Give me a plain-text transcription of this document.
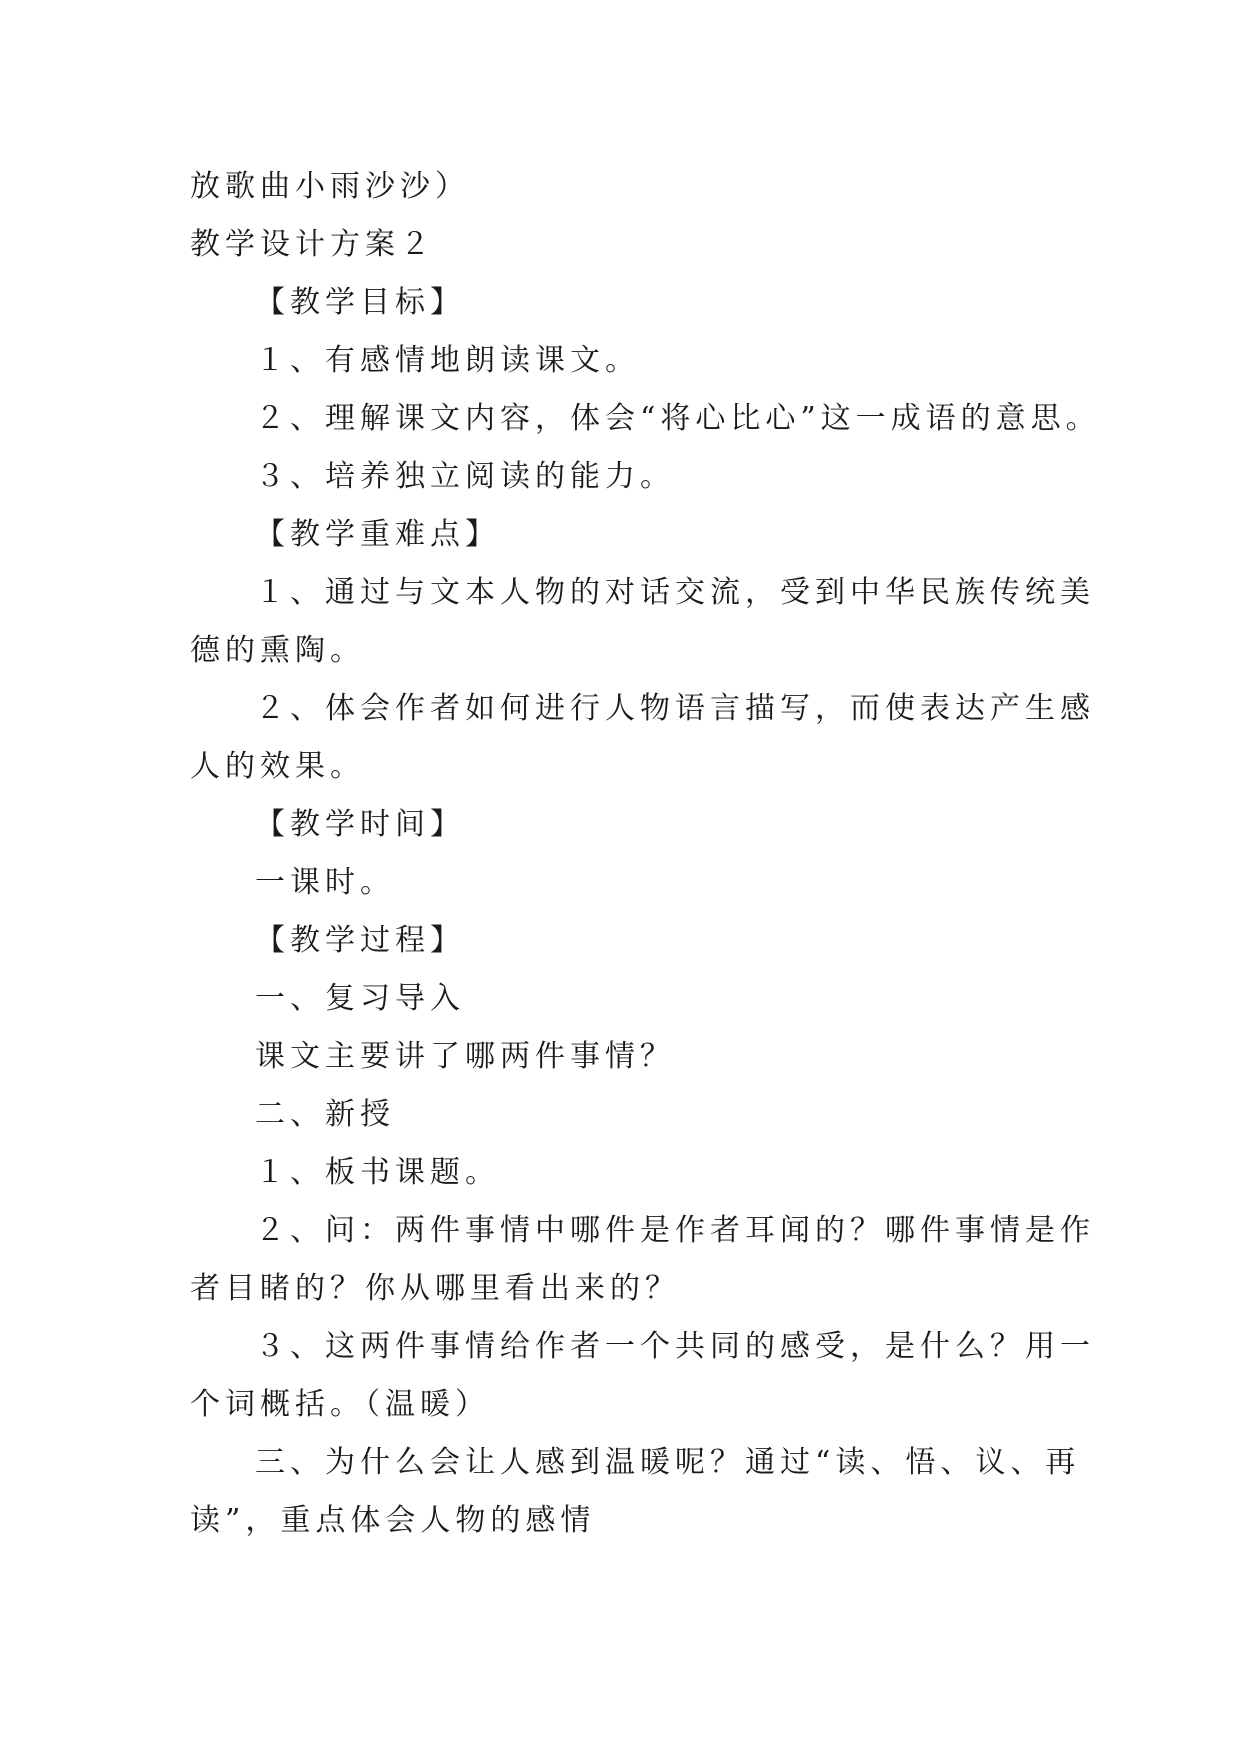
放歌曲小雨沙沙）

教学设计方案２

【教学目标】

１、有感情地朗读课文。

２、理解课文内容，体会“将心比心”这一成语的意思。

３、培养独立阅读的能力。

【教学重难点】

１、通过与文本人物的对话交流，受到中华民族传统美

德的熏陶。

２、体会作者如何进行人物语言描写，而使表达产生感

人的效果。

【教学时间】

一课时。

【教学过程】

一、复习导入

课文主要讲了哪两件事情？

二、新授

１、板书课题。

２、问：两件事情中哪件是作者耳闻的？哪件事情是作

者目睹的？你从哪里看出来的？

３、这两件事情给作者一个共同的感受，是什么？用一

个词概括。（温暖）

三、为什么会让人感到温暖呢？通过“读、悟、议、再

读”，重点体会人物的感情
